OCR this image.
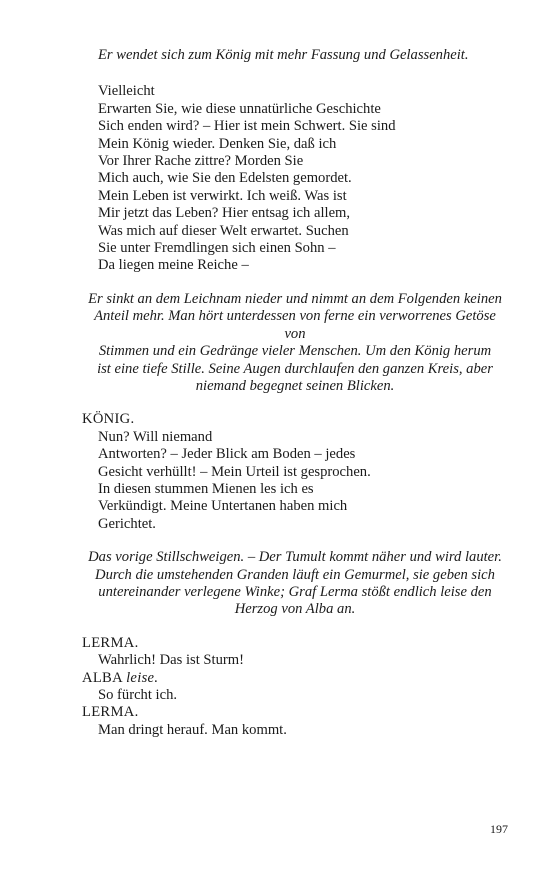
Er wendet sich zum König mit mehr Fassung und Gelassenheit.
Vielleicht
Erwarten Sie, wie diese unnatürliche Geschichte
Sich enden wird? – Hier ist mein Schwert. Sie sind
Mein König wieder. Denken Sie, daß ich
Vor Ihrer Rache zittre? Morden Sie
Mich auch, wie Sie den Edelsten gemordet.
Mein Leben ist verwirkt. Ich weiß. Was ist
Mir jetzt das Leben? Hier entsag ich allem,
Was mich auf dieser Welt erwartet. Suchen
Sie unter Fremdlingen sich einen Sohn –
Da liegen meine Reiche –
Er sinkt an dem Leichnam nieder und nimmt an dem Folgenden keinen
Anteil mehr. Man hört unterdessen von ferne ein verworrenes Getöse
von
Stimmen und ein Gedränge vieler Menschen. Um den König herum
ist eine tiefe Stille. Seine Augen durchlaufen den ganzen Kreis, aber
niemand begegnet seinen Blicken.
KÖNIG.
Nun? Will niemand
Antworten? – Jeder Blick am Boden – jedes
Gesicht verhüllt! – Mein Urteil ist gesprochen.
In diesen stummen Mienen les ich es
Verkündigt. Meine Untertanen haben mich
Gerichtet.
Das vorige Stillschweigen. – Der Tumult kommt näher und wird lauter.
Durch die umstehenden Granden läuft ein Gemurmel, sie geben sich
untereinander verlegene Winke; Graf Lerma stößt endlich leise den
Herzog von Alba an.
LERMA.
Wahrlich! Das ist Sturm!
ALBA leise.
So fürcht ich.
LERMA.
Man dringt herauf. Man kommt.
197
